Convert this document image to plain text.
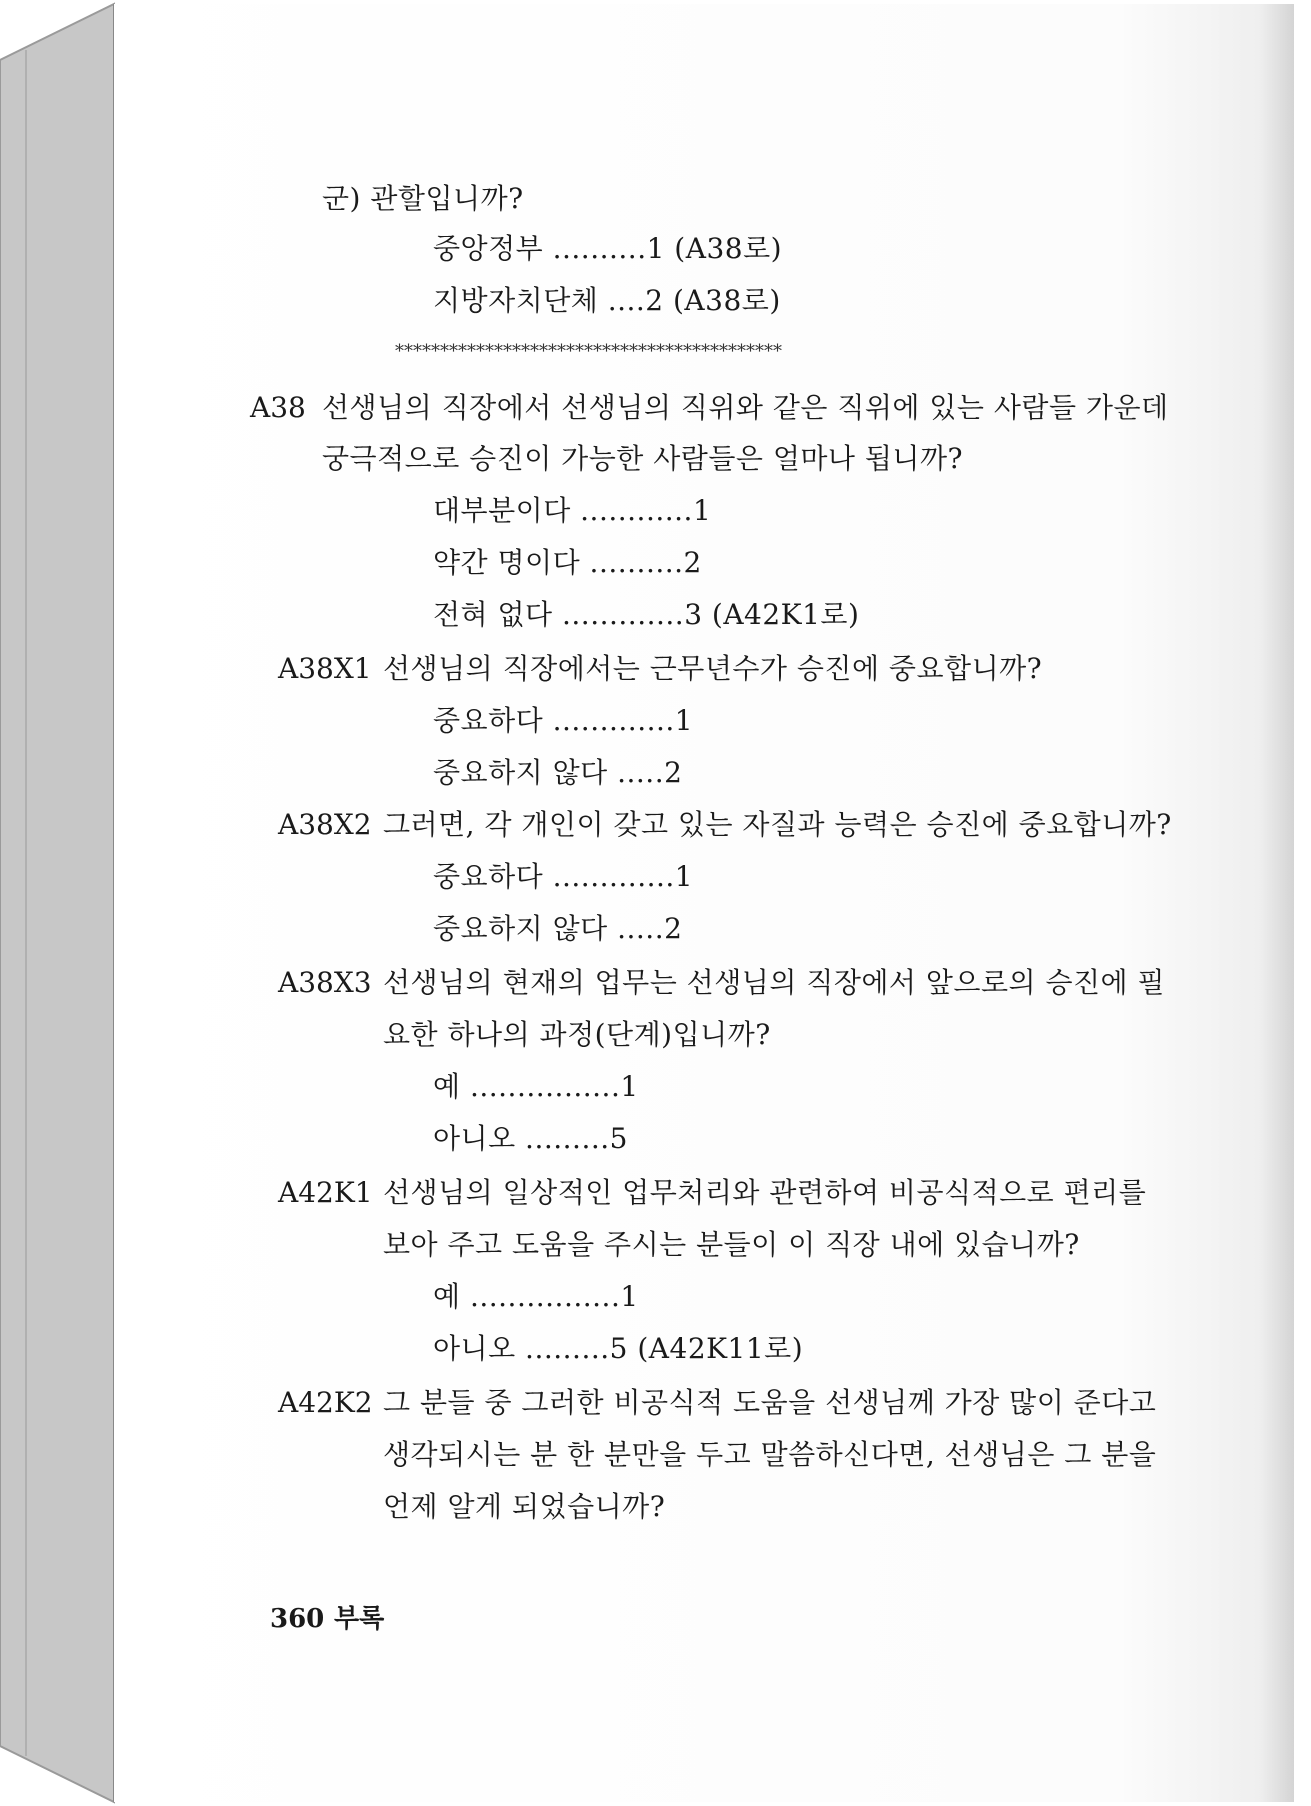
군) 관할입니까?
중앙정부 ..........1 (A38로)
지방자치단체 ....2 (A38로)
*******************************************
A38 선생님의 직장에서 선생님의 직위와 같은 직위에 있는 사람들 가운데
궁극적으로 승진이 가능한 사람들은 얼마나 됩니까?
대부분이다 ............1
약간 명이다 ..........2
전혀 없다 .............3 (A42K1로)
A38X1 선생님의 직장에서는 근무년수가 승진에 중요합니까?
중요하다 .............1
중요하지 않다 .....2
A38X2 그러면, 각 개인이 갖고 있는 자질과 능력은 승진에 중요합니까?
중요하다 .............1
중요하지 않다 .....2
A38X3 선생님의 현재의 업무는 선생님의 직장에서 앞으로의 승진에 필
요한 하나의 과정(단계)입니까?
예 ................1
아니오 .........5
A42K1 선생님의 일상적인 업무처리와 관련하여 비공식적으로 편리를
보아 주고 도움을 주시는 분들이 이 직장 내에 있습니까?
예 ................1
아니오 .........5 (A42K11로)
A42K2 그 분들 중 그러한 비공식적 도움을 선생님께 가장 많이 준다고
생각되시는 분 한 분만을 두고 말씀하신다면, 선생님은 그 분을
언제 알게 되었습니까?
360 부록
